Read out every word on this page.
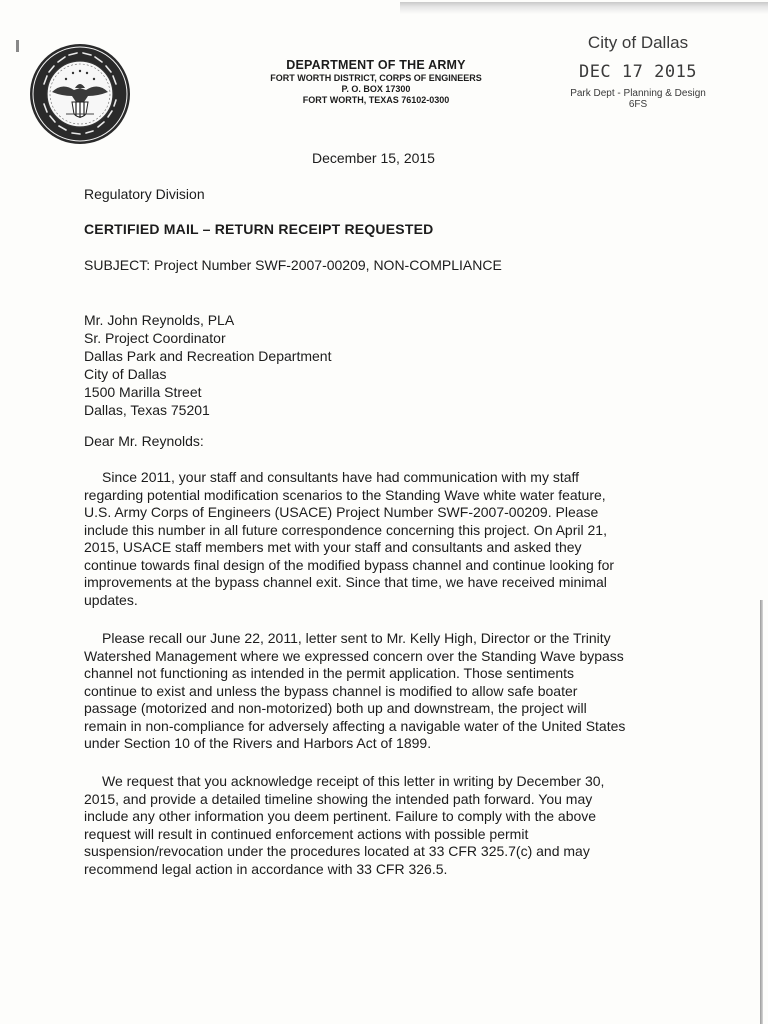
DEPARTMENT OF THE ARMY
FORT WORTH DISTRICT, CORPS OF ENGINEERS
P. O. BOX 17300
FORT WORTH, TEXAS 76102-0300
City of Dallas
DEC 17 2015
Park Dept - Planning & Design
6FS
December 15, 2015
Regulatory Division
CERTIFIED MAIL – RETURN RECEIPT REQUESTED
SUBJECT: Project Number SWF-2007-00209, NON-COMPLIANCE
Mr. John Reynolds, PLA
Sr. Project Coordinator
Dallas Park and Recreation Department
City of Dallas
1500 Marilla Street
Dallas, Texas 75201
Dear Mr. Reynolds:
Since 2011, your staff and consultants have had communication with my staff
regarding potential modification scenarios to the Standing Wave white water feature,
U.S. Army Corps of Engineers (USACE) Project Number SWF-2007-00209. Please
include this number in all future correspondence concerning this project. On April 21,
2015, USACE staff members met with your staff and consultants and asked they
continue towards final design of the modified bypass channel and continue looking for
improvements at the bypass channel exit. Since that time, we have received minimal
updates.
Please recall our June 22, 2011, letter sent to Mr. Kelly High, Director or the Trinity
Watershed Management where we expressed concern over the Standing Wave bypass
channel not functioning as intended in the permit application. Those sentiments
continue to exist and unless the bypass channel is modified to allow safe boater
passage (motorized and non-motorized) both up and downstream, the project will
remain in non-compliance for adversely affecting a navigable water of the United States
under Section 10 of the Rivers and Harbors Act of 1899.
We request that you acknowledge receipt of this letter in writing by December 30,
2015, and provide a detailed timeline showing the intended path forward. You may
include any other information you deem pertinent. Failure to comply with the above
request will result in continued enforcement actions with possible permit
suspension/revocation under the procedures located at 33 CFR 325.7(c) and may
recommend legal action in accordance with 33 CFR 326.5.
